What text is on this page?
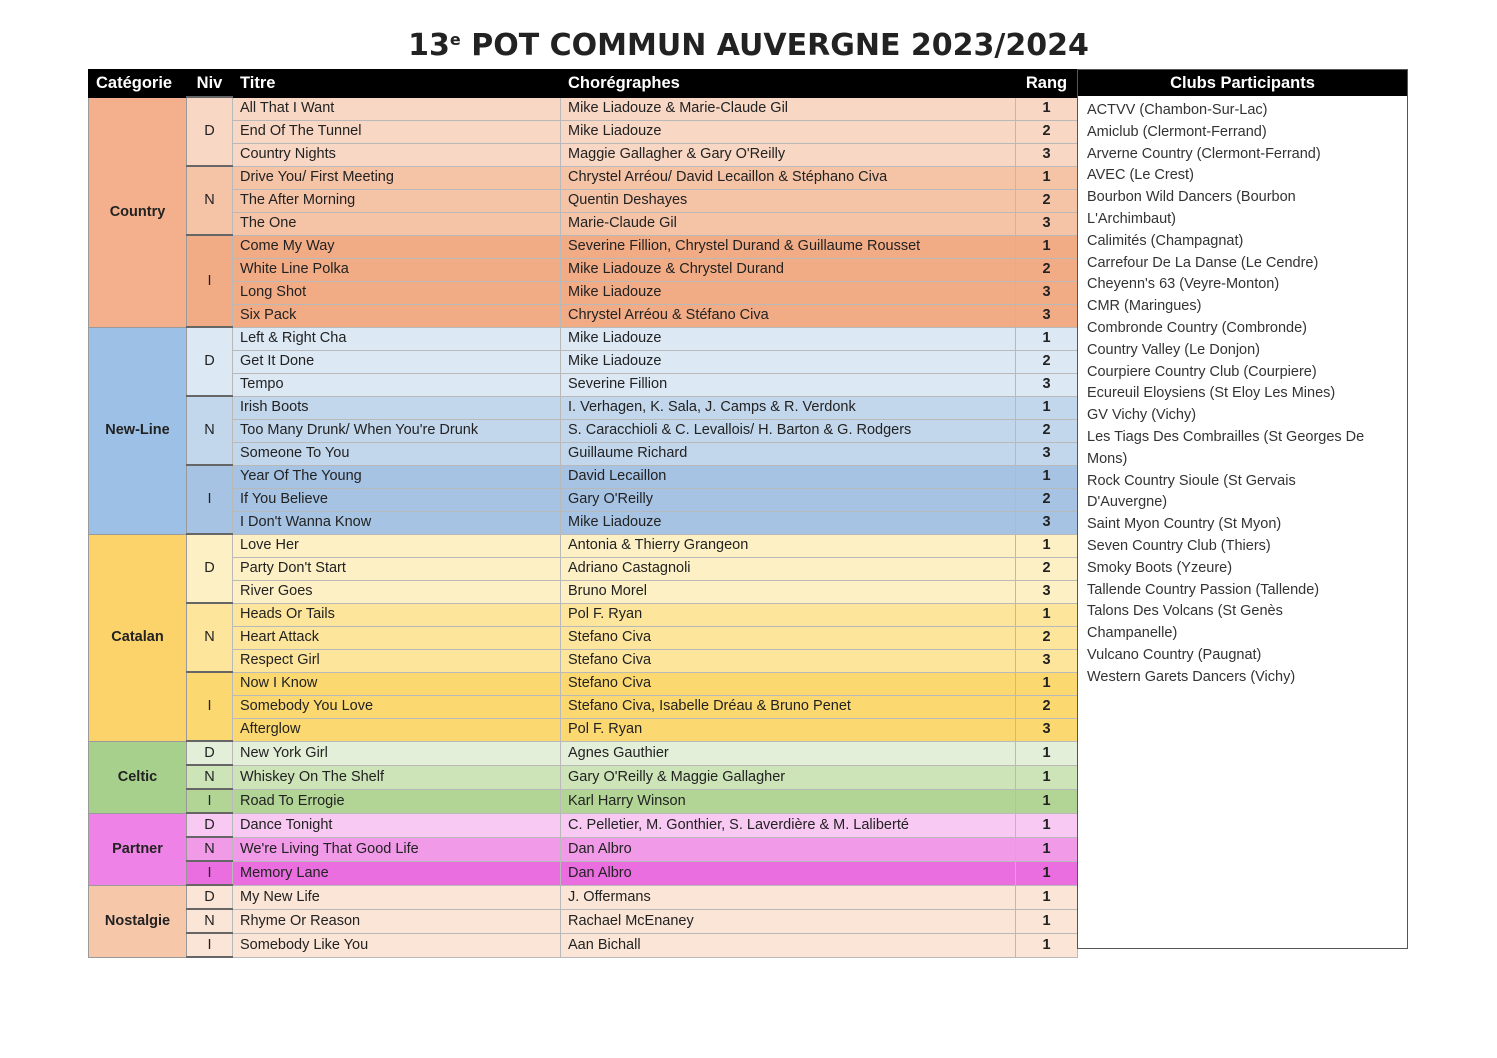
13e POT COMMUN AUVERGNE 2023/2024
Catégorie	Niv	Titre	Chorégraphes	Rang
Country	D	All That I Want	Mike Liadouze & Marie-Claude Gil	1
		End Of The Tunnel	Mike Liadouze	2
		Country Nights	Maggie Gallagher & Gary O'Reilly	3
	N	Drive You/ First Meeting	Chrystel Arréou/ David Lecaillon & Stéphano Civa	1
		The After Morning	Quentin Deshayes	2
		The One	Marie-Claude Gil	3
	I	Come My Way	Severine Fillion, Chrystel Durand & Guillaume Rousset	1
		White Line Polka	Mike Liadouze & Chrystel Durand	2
		Long Shot	Mike Liadouze	3
		Six Pack	Chrystel Arréou & Stéfano Civa	3
New-Line	D	Left & Right Cha	Mike Liadouze	1
		Get It Done	Mike Liadouze	2
		Tempo	Severine Fillion	3
	N	Irish Boots	I. Verhagen, K. Sala, J. Camps & R. Verdonk	1
		Too Many Drunk/ When You're Drunk	S. Caracchioli & C. Levallois/ H. Barton & G. Rodgers	2
		Someone To You	Guillaume Richard	3
	I	Year Of The Young	David Lecaillon	1
		If You Believe	Gary O'Reilly	2
		I Don't Wanna Know	Mike Liadouze	3
Catalan	D	Love Her	Antonia & Thierry Grangeon	1
		Party Don't Start	Adriano Castagnoli	2
		River Goes	Bruno Morel	3
	N	Heads Or Tails	Pol F. Ryan	1
		Heart Attack	Stefano Civa	2
		Respect Girl	Stefano Civa	3
	I	Now I Know	Stefano Civa	1
		Somebody You Love	Stefano Civa, Isabelle Dréau & Bruno Penet	2
		Afterglow	Pol F. Ryan	3
Celtic	D	New York Girl	Agnes Gauthier	1
	N	Whiskey On The Shelf	Gary O'Reilly & Maggie Gallagher	1
	I	Road To Errogie	Karl Harry Winson	1
Partner	D	Dance Tonight	C. Pelletier, M. Gonthier, S. Laverdière & M. Laliberté	1
	N	We're Living That Good Life	Dan Albro	1
	I	Memory Lane	Dan Albro	1
Nostalgie	D	My New Life	J. Offermans	1
	N	Rhyme Or Reason	Rachael McEnaney	1
	I	Somebody Like You	Aan Bichall	1
Clubs Participants
ACTVV (Chambon-Sur-Lac)
Amiclub (Clermont-Ferrand)
Arverne Country (Clermont-Ferrand)
AVEC (Le Crest)
Bourbon Wild Dancers (Bourbon
L'Archimbaut)
Calimités (Champagnat)
Carrefour De La Danse (Le Cendre)
Cheyenn's 63 (Veyre-Monton)
CMR (Maringues)
Combronde Country (Combronde)
Country Valley (Le Donjon)
Courpiere Country Club (Courpiere)
Ecureuil Eloysiens (St Eloy Les Mines)
GV Vichy (Vichy)
Les Tiags Des Combrailles (St Georges De
Mons)
Rock Country Sioule (St Gervais
D'Auvergne)
Saint Myon Country (St Myon)
Seven Country Club (Thiers)
Smoky Boots (Yzeure)
Tallende Country Passion (Tallende)
Talons Des Volcans (St Genès
Champanelle)
Vulcano Country (Paugnat)
Western Garets Dancers (Vichy)
